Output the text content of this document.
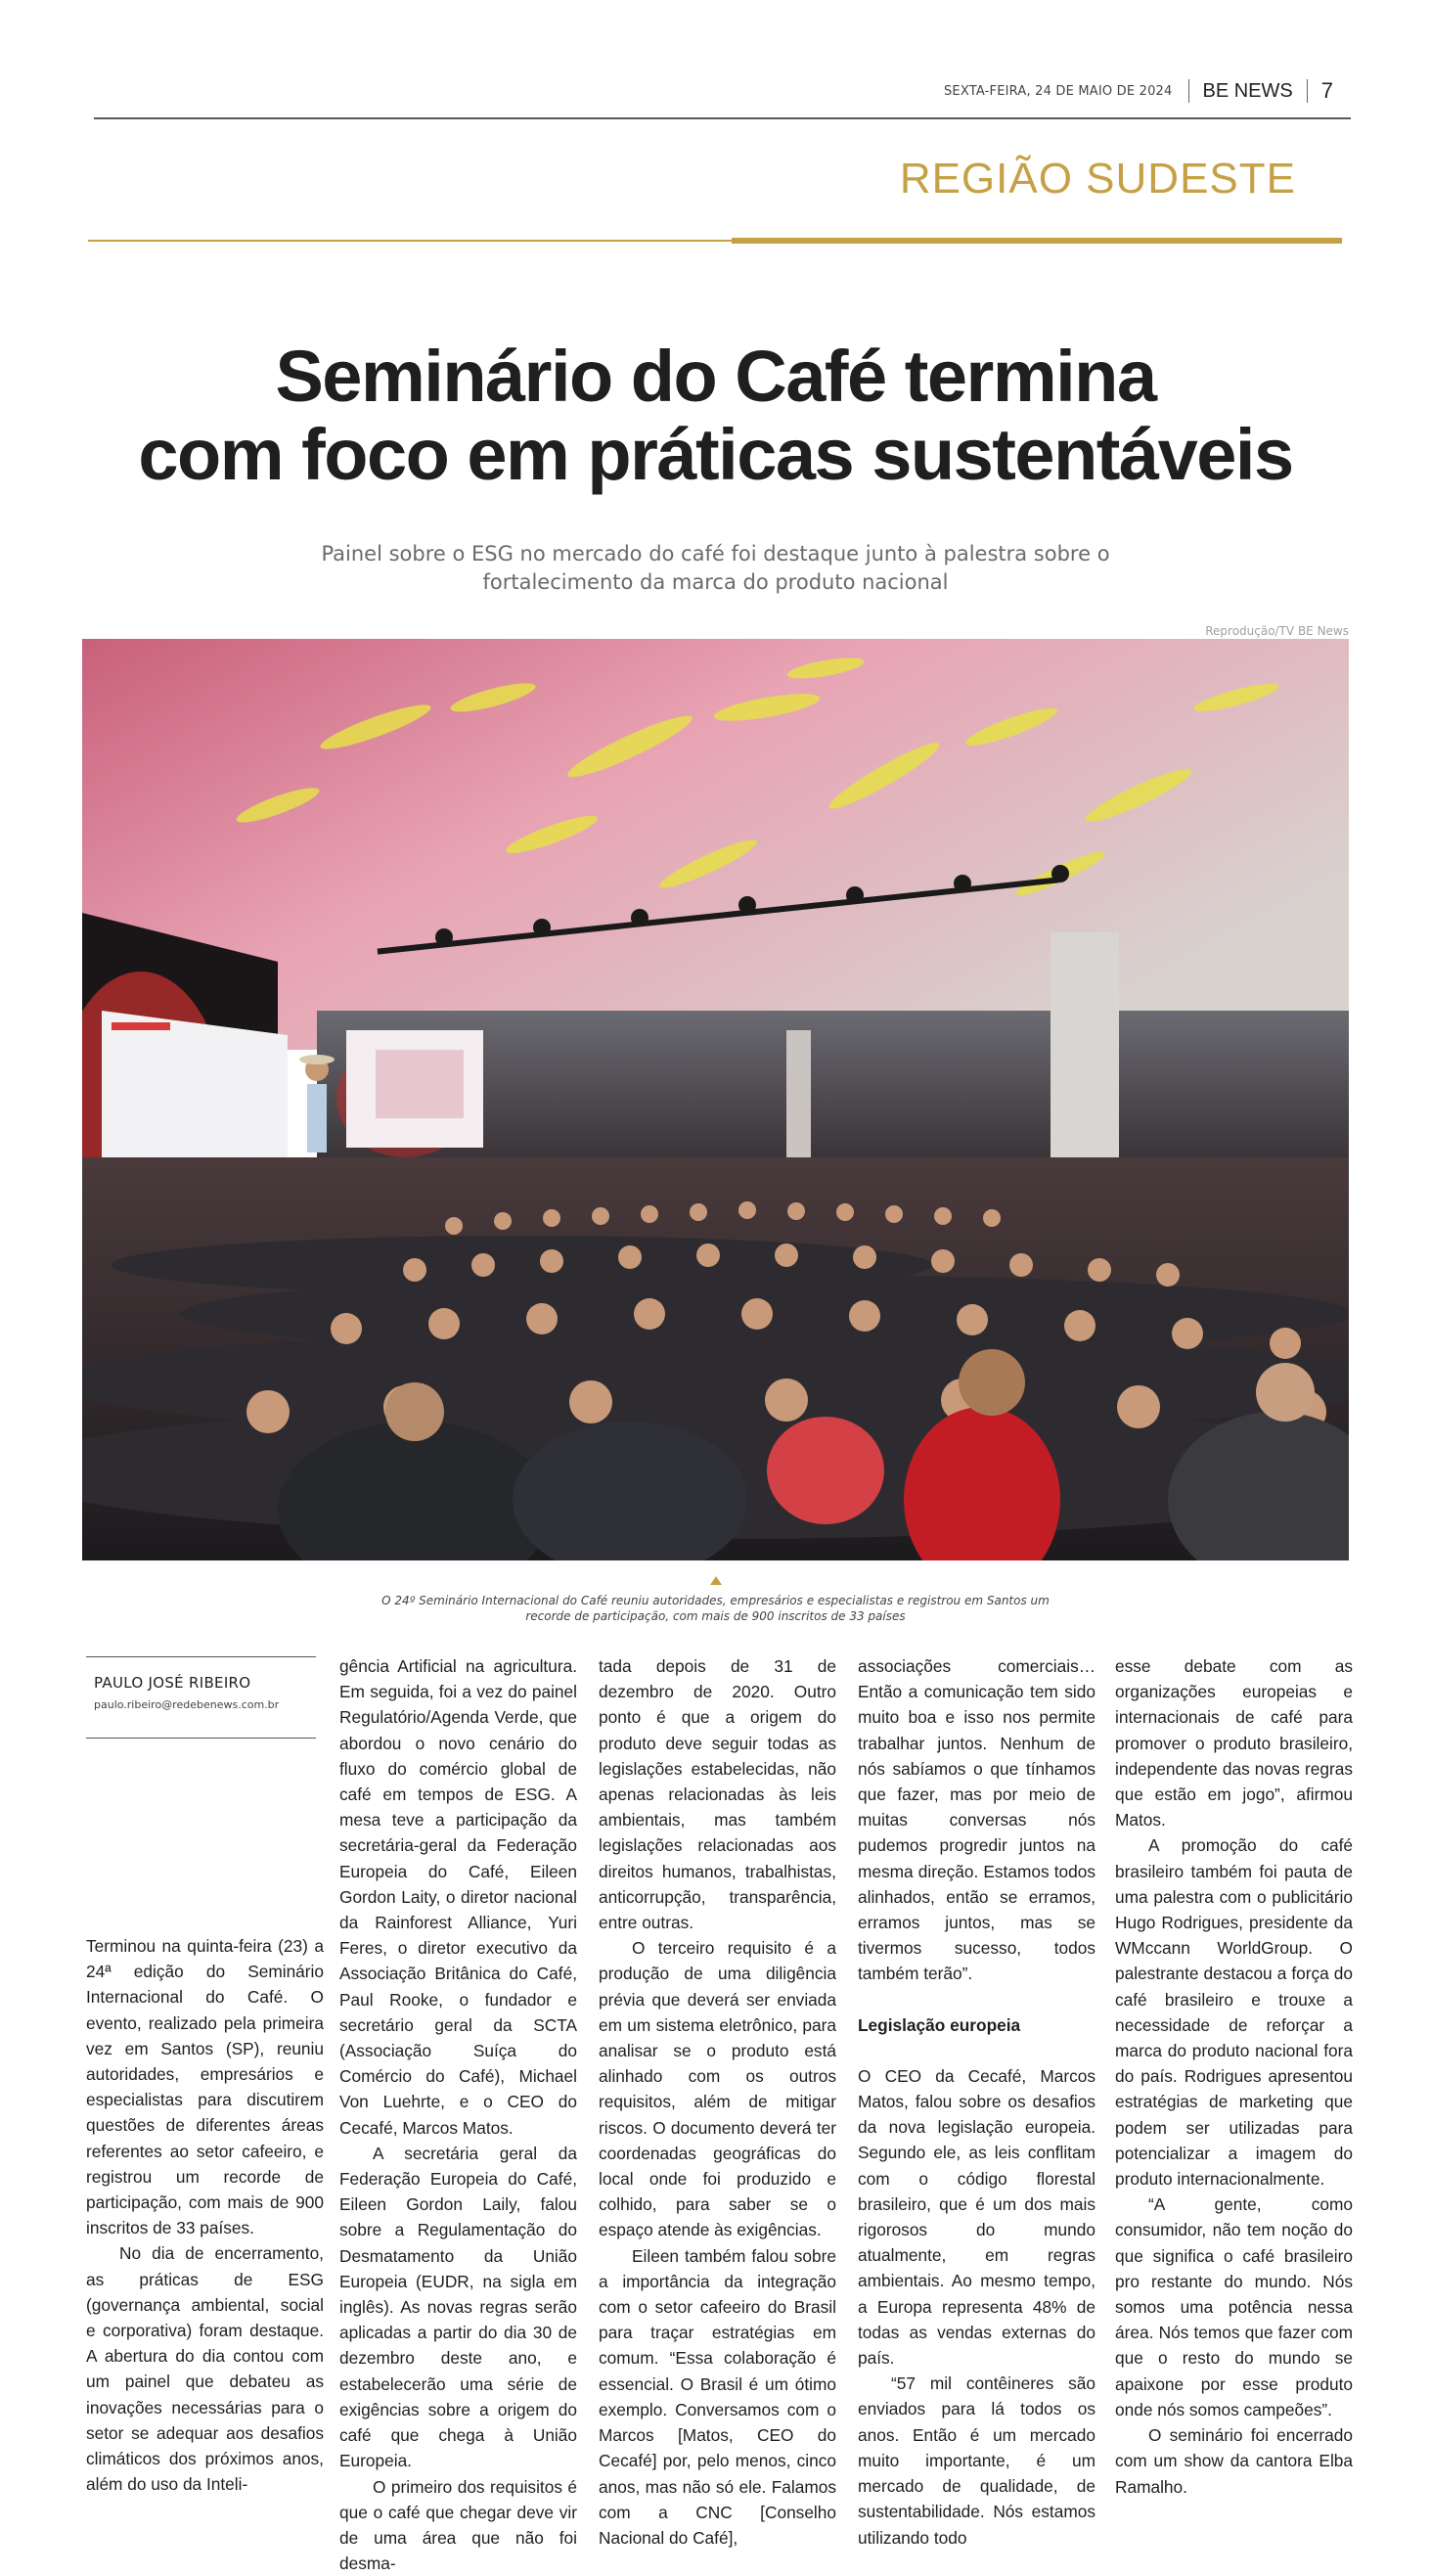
SEXTA-FEIRA, 24 DE MAIO DE 2024 BE NEWS 7
REGIÃO SUDESTE
Seminário do Café termina
com foco em práticas sustentáveis
Painel sobre o ESG no mercado do café foi destaque junto à palestra sobre o fortalecimento da marca do produto nacional
Reprodução/TV BE News
O 24º Seminário Internacional do Café reuniu autoridades, empresários e especialistas e registrou em Santos um recorde de participação, com mais de 900 inscritos de 33 países
PAULO JOSÉ RIBEIRO
paulo.ribeiro@redebenews.com.br

Terminou na quinta-feira (23) a 24ª edição do Seminário Internacional do Café. O evento, realizado pela primeira vez em Santos (SP), reuniu autoridades, empresários e especialistas para discutirem questões de diferentes áreas referentes ao setor cafeeiro, e registrou um recorde de participação, com mais de 900 inscritos de 33 países.

No dia de encerramento, as práticas de ESG (governança ambiental, social e corporativa) foram destaque. A abertura do dia contou com um painel que debateu as inovações necessárias para o setor se adequar aos desafios climáticos dos próximos anos, além do uso da Inteli-

gência Artificial na agricultura. Em seguida, foi a vez do painel Regulatório/Agenda Verde, que abordou o novo cenário do fluxo do comércio global de café em tempos de ESG. A mesa teve a participação da secretária-geral da Federação Europeia do Café, Eileen Gordon Laity, o diretor nacional da Rainforest Alliance, Yuri Feres, o diretor executivo da Associação Britânica do Café, Paul Rooke, o fundador e secretário geral da SCTA (Associação Suíça do Comércio do Café), Michael Von Luehrte, e o CEO do Cecafé, Marcos Matos.

A secretária geral da Federação Europeia do Café, Eileen Gordon Laily, falou sobre a Regulamentação do Desmatamento da União Europeia (EUDR, na sigla em inglês). As novas regras serão aplicadas a partir do dia 30 de dezembro deste ano, e estabelecerão uma série de exigências sobre a origem do café que chega à União Europeia.

O primeiro dos requisitos é que o café que chegar deve vir de uma área que não foi desma-

tada depois de 31 de dezembro de 2020. Outro ponto é que a origem do produto deve seguir todas as legislações estabelecidas, não apenas relacionadas às leis ambientais, mas também legislações relacionadas aos direitos humanos, trabalhistas, anticorrupção, transparência, entre outras.

O terceiro requisito é a produção de uma diligência prévia que deverá ser enviada em um sistema eletrônico, para analisar se o produto está alinhado com os outros requisitos, além de mitigar riscos. O documento deverá ter coordenadas geográficas do local onde foi produzido e colhido, para saber se o espaço atende às exigências.

Eileen também falou sobre a importância da integração com o setor cafeeiro do Brasil para traçar estratégias em comum. “Essa colaboração é essencial. O Brasil é um ótimo exemplo. Conversamos com o Marcos [Matos, CEO do Cecafé] por, pelo menos, cinco anos, mas não só ele. Falamos com a CNC [Conselho Nacional do Café],

associações comerciais… Então a comunicação tem sido muito boa e isso nos permite trabalhar juntos. Nenhum de nós sabíamos o que tínhamos que fazer, mas por meio de muitas conversas nós pudemos progredir juntos na mesma direção. Estamos todos alinhados, então se erramos, erramos juntos, mas se tivermos sucesso, todos também terão”.

Legislação europeia

O CEO da Cecafé, Marcos Matos, falou sobre os desafios da nova legislação europeia. Segundo ele, as leis conflitam com o código florestal brasileiro, que é um dos mais rigorosos do mundo atualmente, em regras ambientais. Ao mesmo tempo, a Europa representa 48% de todas as vendas externas do país.

“57 mil contêineres são enviados para lá todos os anos. Então é um mercado muito importante, é um mercado de qualidade, de sustentabilidade. Nós estamos utilizando todo

esse debate com as organizações europeias e internacionais de café para promover o produto brasileiro, independente das novas regras que estão em jogo”, afirmou Matos.

A promoção do café brasileiro também foi pauta de uma palestra com o publicitário Hugo Rodrigues, presidente da WMccann WorldGroup. O palestrante destacou a força do café brasileiro e trouxe a necessidade de reforçar a marca do produto nacional fora do país. Rodrigues apresentou estratégias de marketing que podem ser utilizadas para potencializar a imagem do produto internacionalmente.

“A gente, como consumidor, não tem noção do que significa o café brasileiro pro restante do mundo. Nós somos uma potência nessa área. Nós temos que fazer com que o resto do mundo se apaixone por esse produto onde nós somos campeões”.

O seminário foi encerrado com um show da cantora Elba Ramalho.
